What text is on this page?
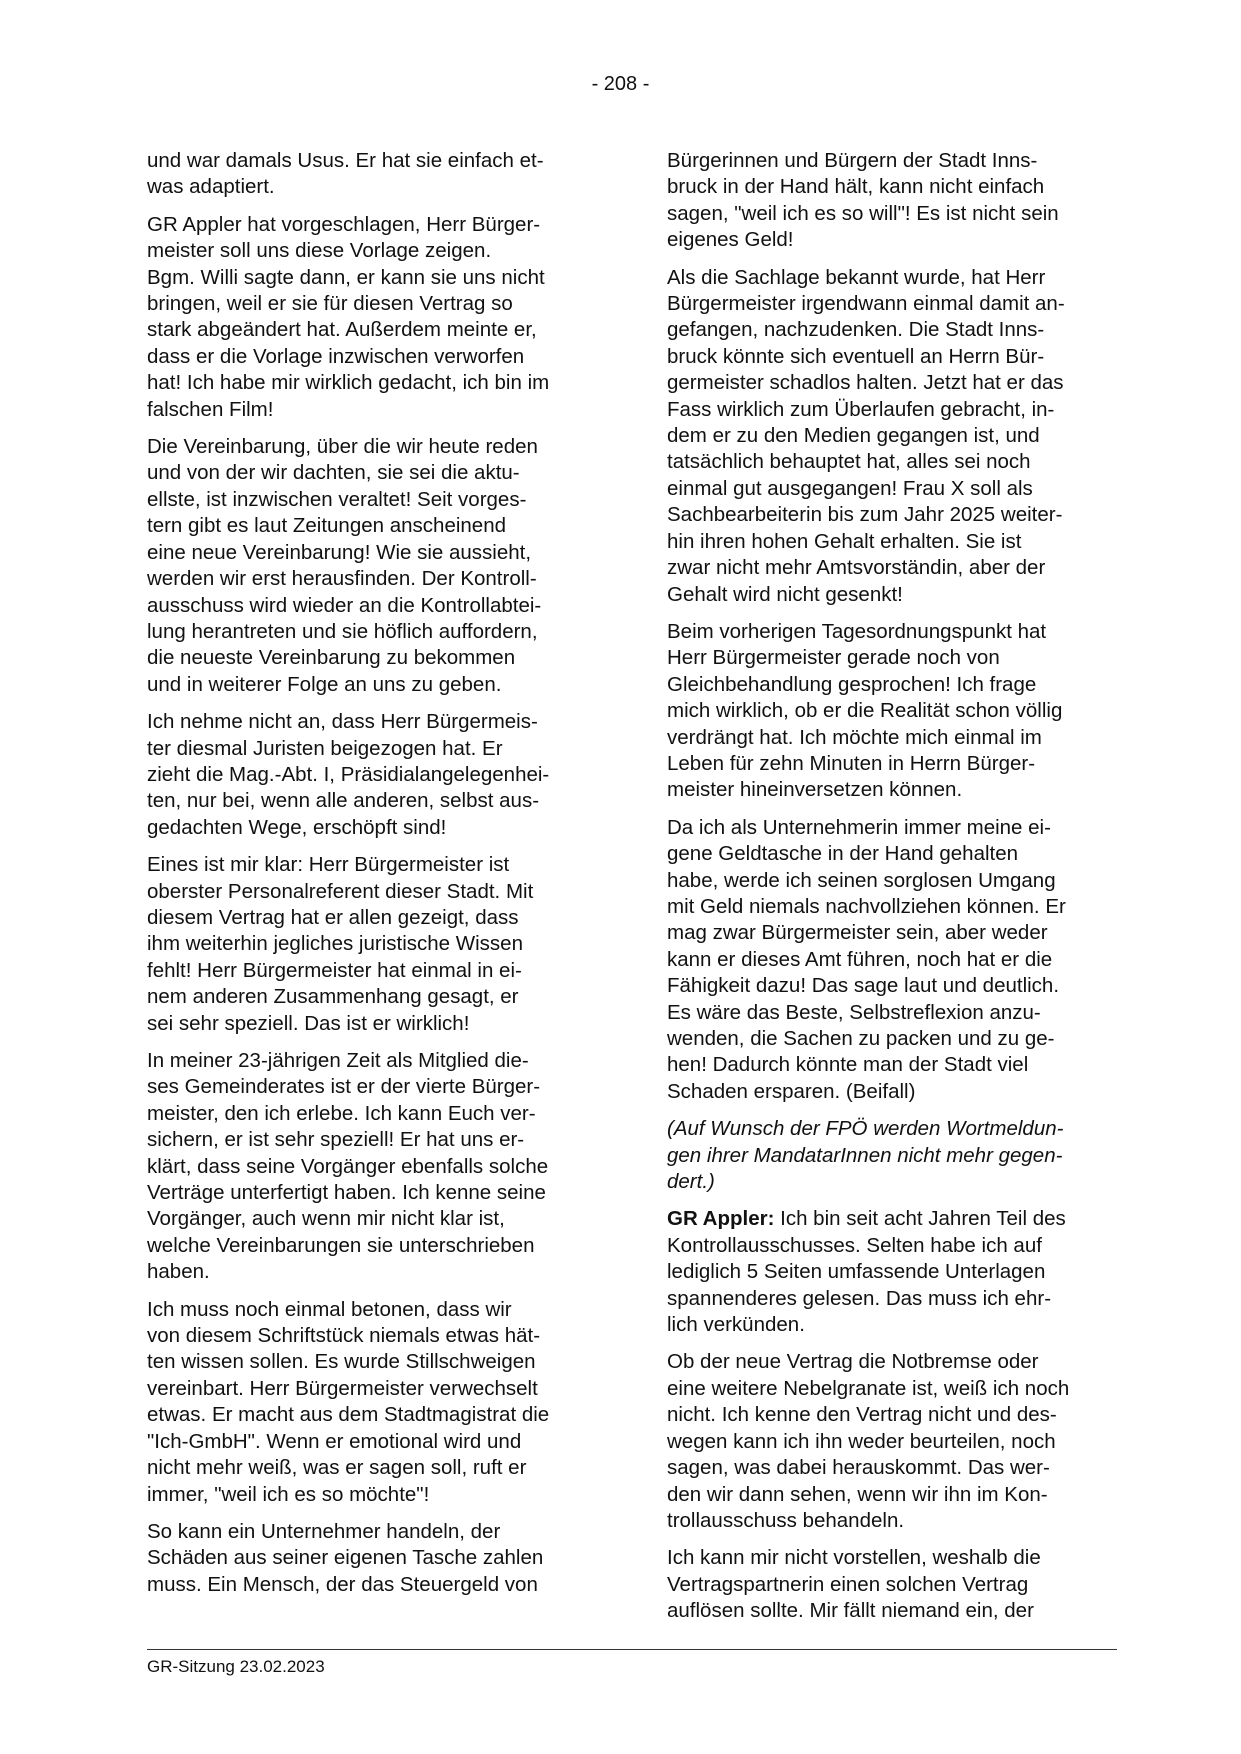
- 208 -

und war damals Usus. Er hat sie einfach et-
was adaptiert.

GR Appler hat vorgeschlagen, Herr Bürger-
meister soll uns diese Vorlage zeigen.
Bgm. Willi sagte dann, er kann sie uns nicht
bringen, weil er sie für diesen Vertrag so
stark abgeändert hat. Außerdem meinte er,
dass er die Vorlage inzwischen verworfen
hat! Ich habe mir wirklich gedacht, ich bin im
falschen Film!

Die Vereinbarung, über die wir heute reden
und von der wir dachten, sie sei die aktu-
ellste, ist inzwischen veraltet! Seit vorges-
tern gibt es laut Zeitungen anscheinend
eine neue Vereinbarung! Wie sie aussieht,
werden wir erst herausfinden. Der Kontroll-
ausschuss wird wieder an die Kontrollabtei-
lung herantreten und sie höflich auffordern,
die neueste Vereinbarung zu bekommen
und in weiterer Folge an uns zu geben.

Ich nehme nicht an, dass Herr Bürgermeis-
ter diesmal Juristen beigezogen hat. Er
zieht die Mag.-Abt. I, Präsidialangelegenhei-
ten, nur bei, wenn alle anderen, selbst aus-
gedachten Wege, erschöpft sind!

Eines ist mir klar: Herr Bürgermeister ist
oberster Personalreferent dieser Stadt. Mit
diesem Vertrag hat er allen gezeigt, dass
ihm weiterhin jegliches juristische Wissen
fehlt! Herr Bürgermeister hat einmal in ei-
nem anderen Zusammenhang gesagt, er
sei sehr speziell. Das ist er wirklich!

In meiner 23-jährigen Zeit als Mitglied die-
ses Gemeinderates ist er der vierte Bürger-
meister, den ich erlebe. Ich kann Euch ver-
sichern, er ist sehr speziell! Er hat uns er-
klärt, dass seine Vorgänger ebenfalls solche
Verträge unterfertigt haben. Ich kenne seine
Vorgänger, auch wenn mir nicht klar ist,
welche Vereinbarungen sie unterschrieben
haben.

Ich muss noch einmal betonen, dass wir
von diesem Schriftstück niemals etwas hät-
ten wissen sollen. Es wurde Stillschweigen
vereinbart. Herr Bürgermeister verwechselt
etwas. Er macht aus dem Stadtmagistrat die
"Ich-GmbH". Wenn er emotional wird und
nicht mehr weiß, was er sagen soll, ruft er
immer, "weil ich es so möchte"!

So kann ein Unternehmer handeln, der
Schäden aus seiner eigenen Tasche zahlen
muss. Ein Mensch, der das Steuergeld von

Bürgerinnen und Bürgern der Stadt Inns-
bruck in der Hand hält, kann nicht einfach
sagen, "weil ich es so will"! Es ist nicht sein
eigenes Geld!

Als die Sachlage bekannt wurde, hat Herr
Bürgermeister irgendwann einmal damit an-
gefangen, nachzudenken. Die Stadt Inns-
bruck könnte sich eventuell an Herrn Bür-
germeister schadlos halten. Jetzt hat er das
Fass wirklich zum Überlaufen gebracht, in-
dem er zu den Medien gegangen ist, und
tatsächlich behauptet hat, alles sei noch
einmal gut ausgegangen! Frau X soll als
Sachbearbeiterin bis zum Jahr 2025 weiter-
hin ihren hohen Gehalt erhalten. Sie ist
zwar nicht mehr Amtsvorständin, aber der
Gehalt wird nicht gesenkt!

Beim vorherigen Tagesordnungspunkt hat
Herr Bürgermeister gerade noch von
Gleichbehandlung gesprochen! Ich frage
mich wirklich, ob er die Realität schon völlig
verdrängt hat. Ich möchte mich einmal im
Leben für zehn Minuten in Herrn Bürger-
meister hineinversetzen können.

Da ich als Unternehmerin immer meine ei-
gene Geldtasche in der Hand gehalten
habe, werde ich seinen sorglosen Umgang
mit Geld niemals nachvollziehen können. Er
mag zwar Bürgermeister sein, aber weder
kann er dieses Amt führen, noch hat er die
Fähigkeit dazu! Das sage laut und deutlich.
Es wäre das Beste, Selbstreflexion anzu-
wenden, die Sachen zu packen und zu ge-
hen! Dadurch könnte man der Stadt viel
Schaden ersparen. (Beifall)

(Auf Wunsch der FPÖ werden Wortmeldun-
gen ihrer MandatarInnen nicht mehr gegen-
dert.)

GR Appler: Ich bin seit acht Jahren Teil des
Kontrollausschusses. Selten habe ich auf
lediglich 5 Seiten umfassende Unterlagen
spannenderes gelesen. Das muss ich ehr-
lich verkünden.

Ob der neue Vertrag die Notbremse oder
eine weitere Nebelgranate ist, weiß ich noch
nicht. Ich kenne den Vertrag nicht und des-
wegen kann ich ihn weder beurteilen, noch
sagen, was dabei herauskommt. Das wer-
den wir dann sehen, wenn wir ihn im Kon-
trollausschuss behandeln.

Ich kann mir nicht vorstellen, weshalb die
Vertragspartnerin einen solchen Vertrag
auflösen sollte. Mir fällt niemand ein, der

GR-Sitzung 23.02.2023
